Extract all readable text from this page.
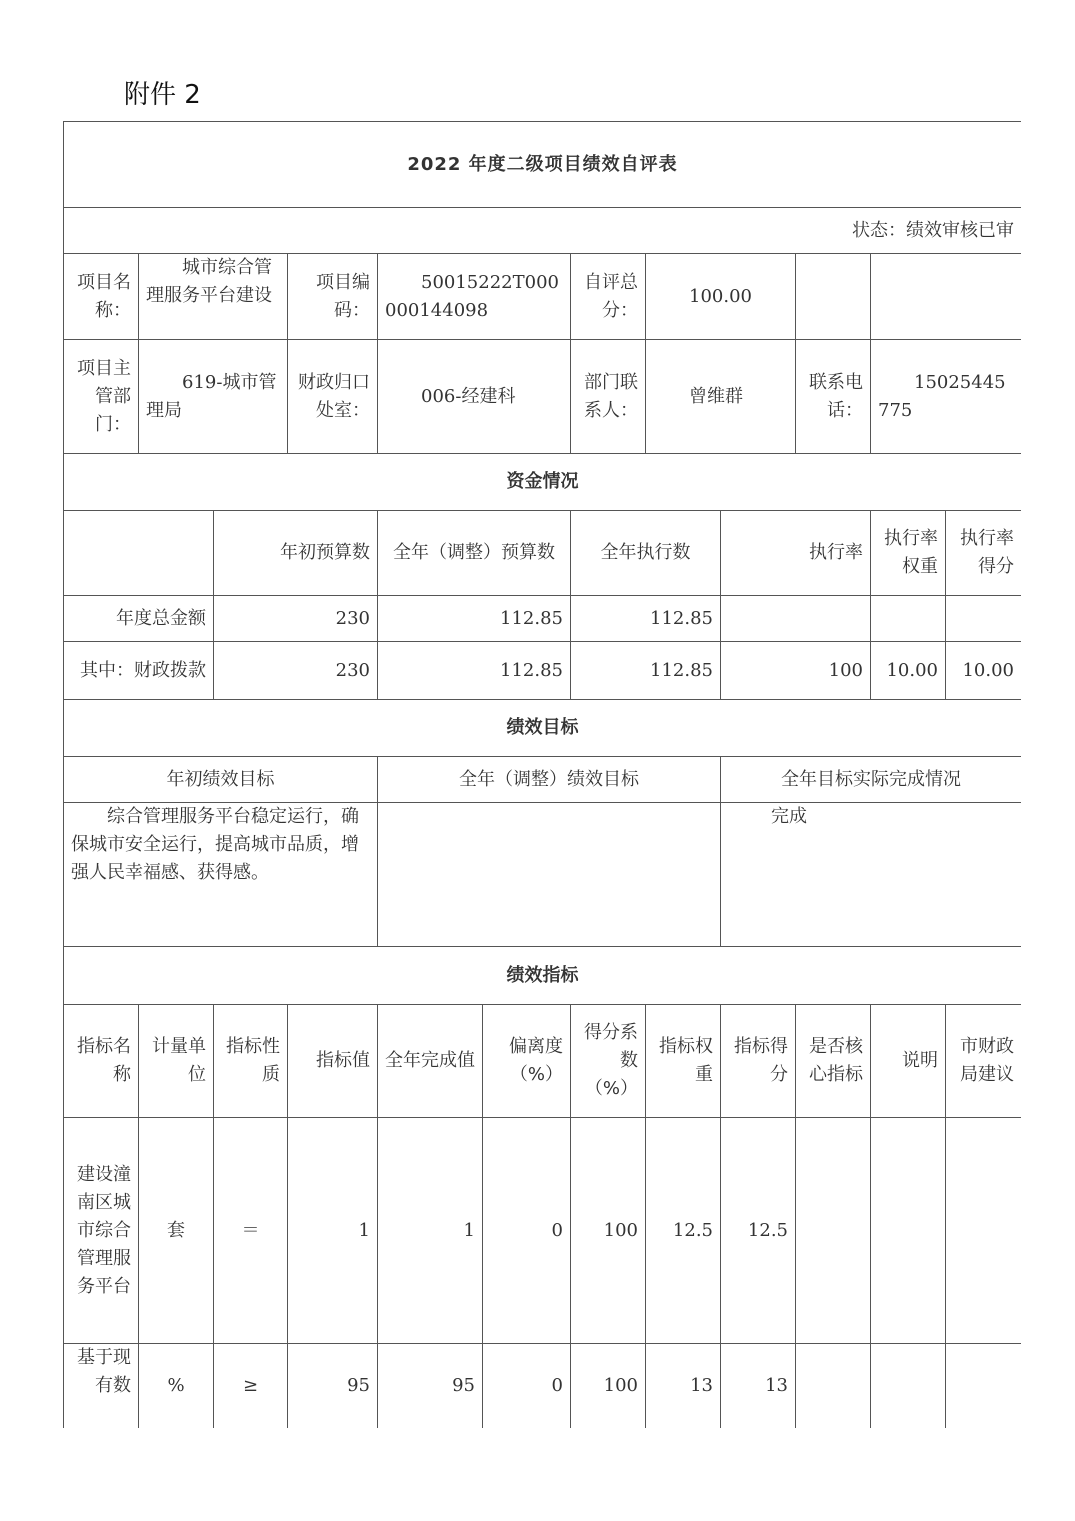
附件 2
2022 年度二级项目绩效自评表											
状态：绩效审核已审											
项目名称：	城市综合管理服务平台建设		项目编码：	50015222T000000144098		自评总分：	100.00				
项目主管部门：	619-城市管理局		财政归口处室：	006-经建科		部门联系人：	曾维群		联系电话：	15025445775	
资金情况											
		年初预算数		全年（调整）预算数		全年执行数		执行率		执行率权重	执行率得分
年度总金额		230		112.85		112.85					
其中：财政拨款		230		112.85		112.85		100		10.00	10.00
绩效目标											
年初绩效目标				全年（调整）绩效目标				全年目标实际完成情况			
综合管理服务平台稳定运行，确保城市安全运行，提高城市品质，增强人民幸福感、获得感。								完成			
绩效指标											
指标名称	计量单位	指标性质	指标值	全年完成值	偏离度（%）	得分系数（%）	指标权重	指标得分	是否核心指标	说明	市财政局建议
建设潼南区城市综合管理服务平台	套	＝	1	1	0	100	12.5	12.5			
基于现有数	%	≥	95	95	0	100	13	13			
